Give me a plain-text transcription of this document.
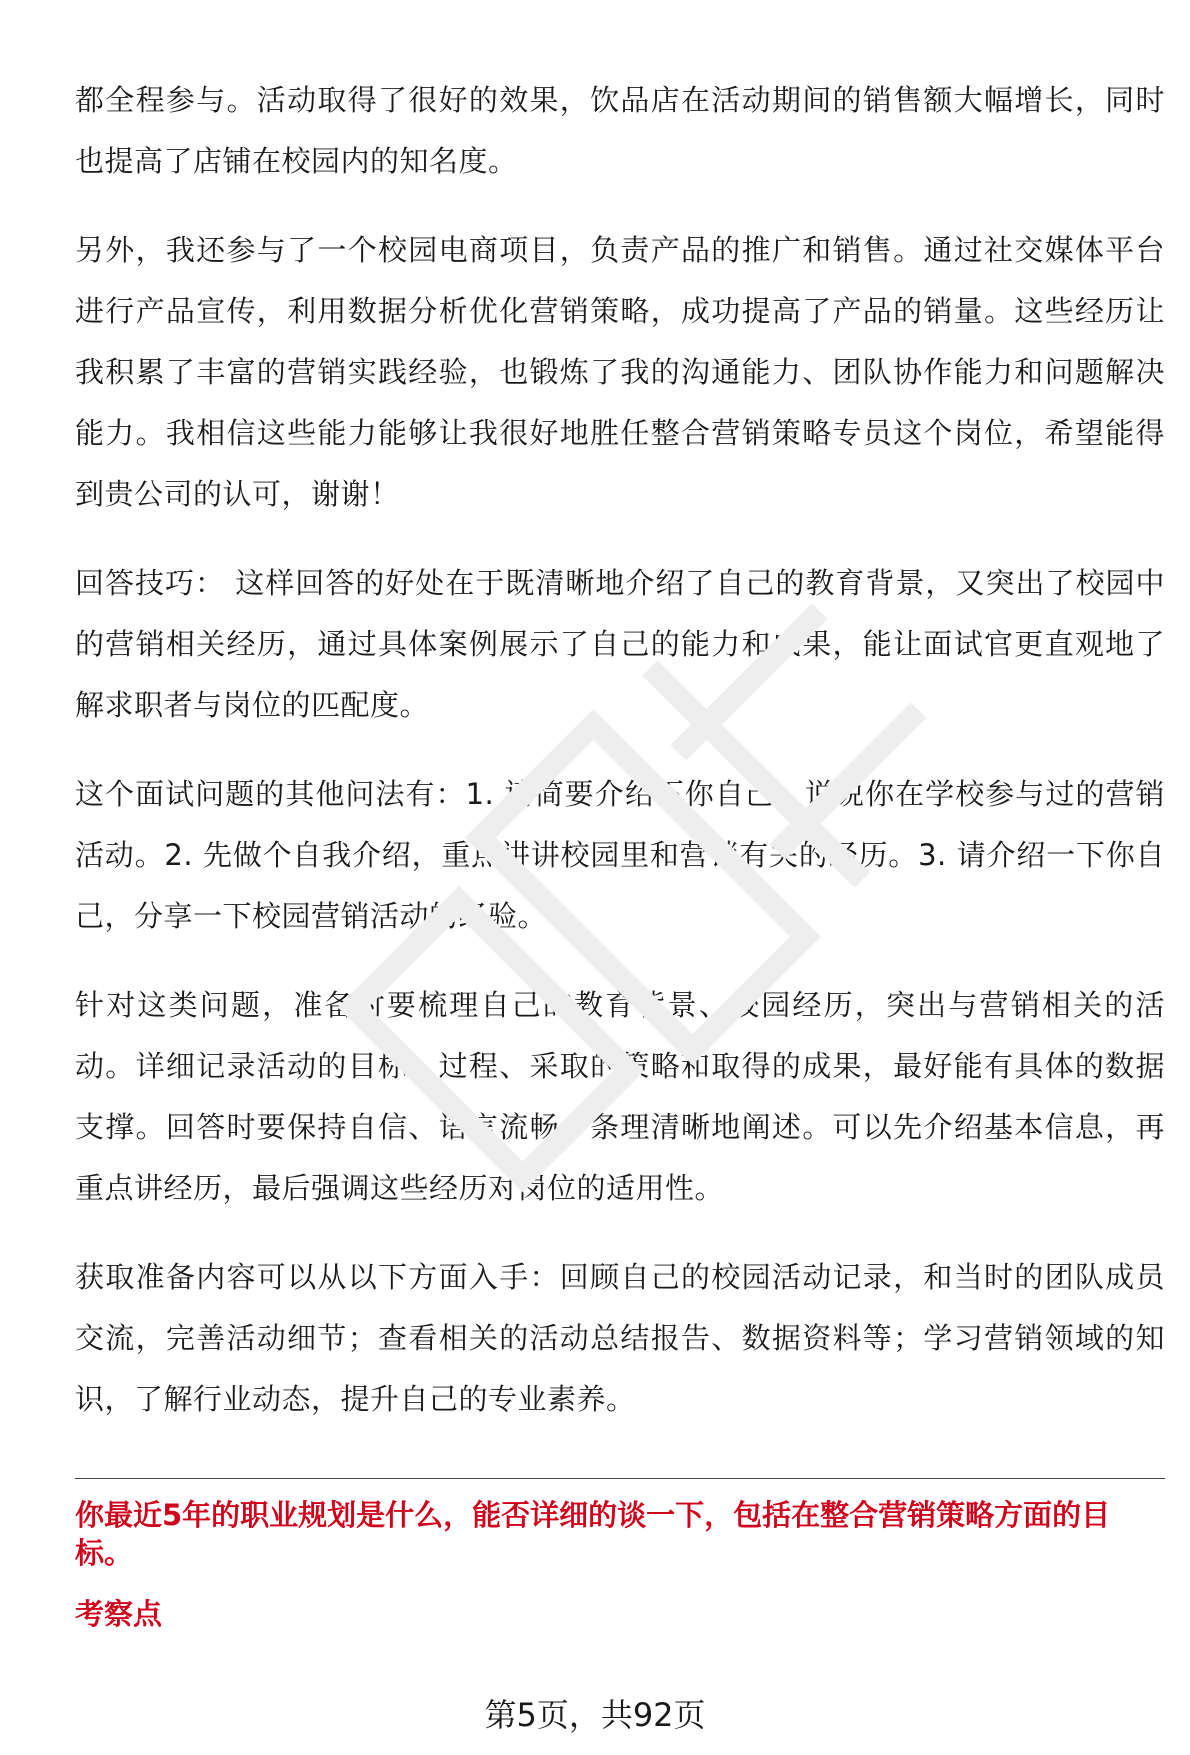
都全程参与。活动取得了很好的效果，饮品店在活动期间的销售额大幅增长，同时也提高了店铺在校园内的知名度。

另外，我还参与了一个校园电商项目，负责产品的推广和销售。通过社交媒体平台进行产品宣传，利用数据分析优化营销策略，成功提高了产品的销量。这些经历让我积累了丰富的营销实践经验，也锻炼了我的沟通能力、团队协作能力和问题解决能力。我相信这些能力能够让我很好地胜任整合营销策略专员这个岗位，希望能得到贵公司的认可，谢谢！

回答技巧： 这样回答的好处在于既清晰地介绍了自己的教育背景，又突出了校园中的营销相关经历，通过具体案例展示了自己的能力和成果，能让面试官更直观地了解求职者与岗位的匹配度。

这个面试问题的其他问法有：1. 请简要介绍下你自己，说说你在学校参与过的营销活动。2. 先做个自我介绍，重点讲讲校园里和营销有关的经历。3. 请介绍一下你自己，分享一下校园营销活动的经验。

针对这类问题，准备时要梳理自己的教育背景、校园经历，突出与营销相关的活动。详细记录活动的目标、过程、采取的策略和取得的成果，最好能有具体的数据支撑。回答时要保持自信、语言流畅，条理清晰地阐述。可以先介绍基本信息，再重点讲经历，最后强调这些经历对岗位的适用性。

获取准备内容可以从以下方面入手：回顾自己的校园活动记录，和当时的团队成员交流，完善活动细节；查看相关的活动总结报告、数据资料等；学习营销领域的知识，了解行业动态，提升自己的专业素养。

你最近5年的职业规划是什么，能否详细的谈一下，包括在整合营销策略方面的目标。

考察点

第5页，共92页
